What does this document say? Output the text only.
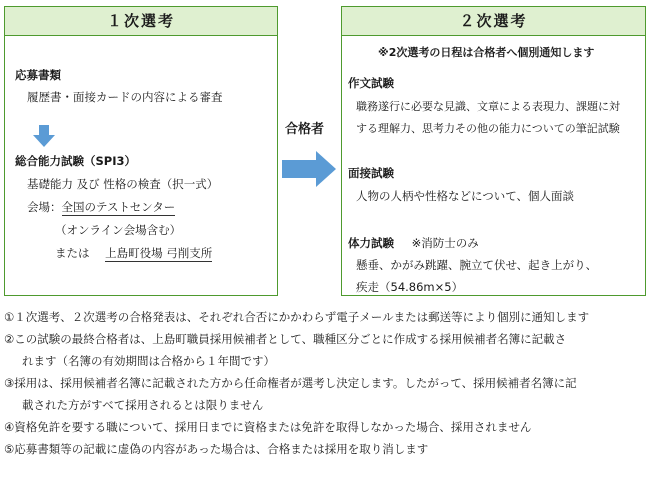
１次選考
応募書類
履歴書・面接カードの内容による審査
総合能力試験（SPI3）
基礎能力 及び 性格の検査（択一式）
会場：全国のテストセンター
（オンライン会場含む）
または 上島町役場 弓削支所
合格者
２次選考
※2次選考の日程は合格者へ個別通知します
作文試験
職務遂行に必要な見識、文章による表現力、課題に対
する理解力、思考力その他の能力についての筆記試験
面接試験
人物の人柄や性格などについて、個人面談
体力試験 ※消防士のみ
懸垂、かがみ跳躍、腕立て伏せ、起き上がり、
疾走（54.86m×5）
①１次選考、２次選考の合格発表は、それぞれ合否にかかわらず電子メールまたは郵送等により個別に通知します
②この試験の最終合格者は、上島町職員採用候補者として、職種区分ごとに作成する採用候補者名簿に記載さ
れます（名簿の有効期間は合格から１年間です）
③採用は、採用候補者名簿に記載された方から任命権者が選考し決定します。したがって、採用候補者名簿に記
載された方がすべて採用されるとは限りません
④資格免許を要する職について、採用日までに資格または免許を取得しなかった場合、採用されません
⑤応募書類等の記載に虚偽の内容があった場合は、合格または採用を取り消します
